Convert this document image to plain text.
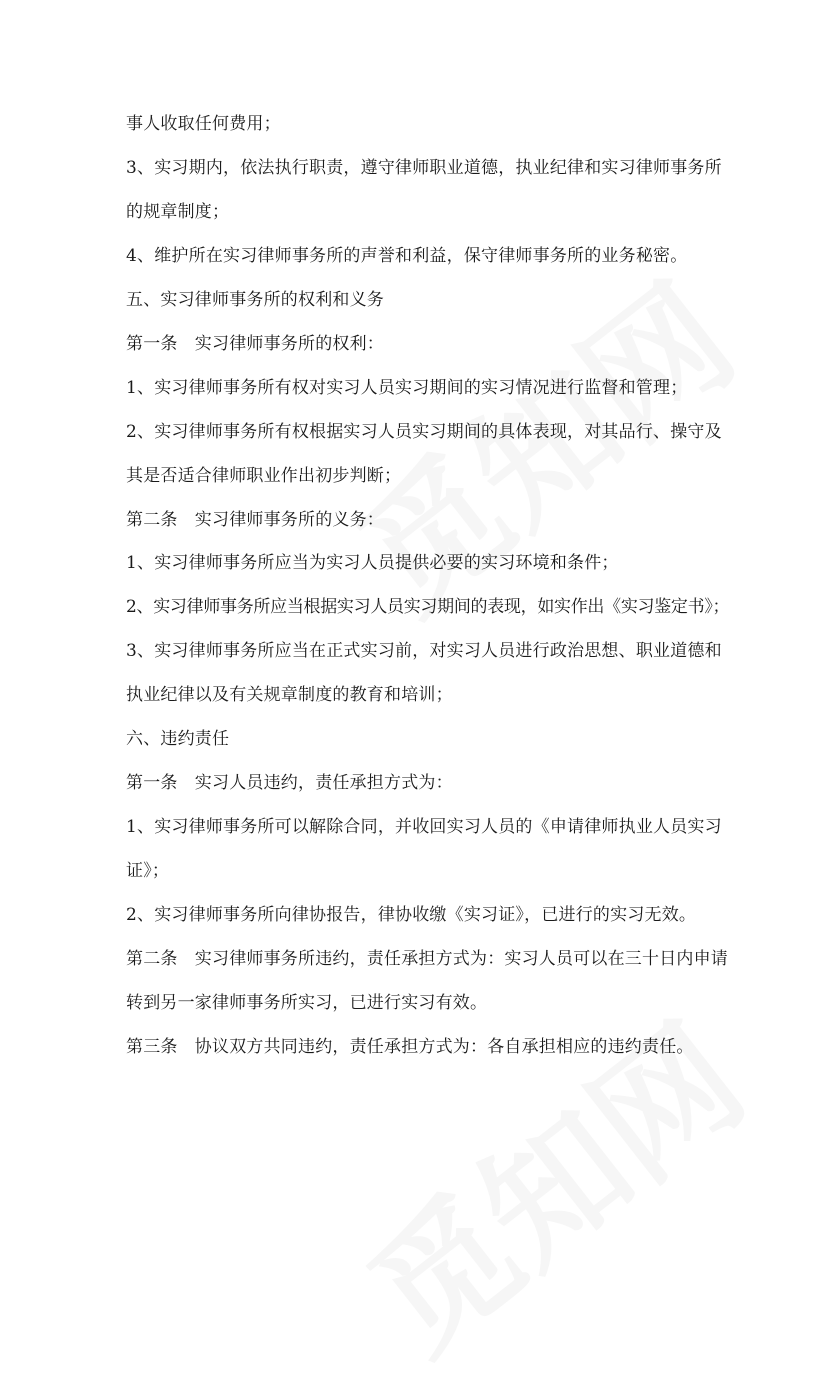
事人收取任何费用；
3、实习期内，依法执行职责，遵守律师职业道德，执业纪律和实习律师事务所
的规章制度；
4、维护所在实习律师事务所的声誉和利益，保守律师事务所的业务秘密。
五、实习律师事务所的权利和义务
第一条　实习律师事务所的权利：
1、实习律师事务所有权对实习人员实习期间的实习情况进行监督和管理；
2、实习律师事务所有权根据实习人员实习期间的具体表现，对其品行、操守及
其是否适合律师职业作出初步判断；
第二条　实习律师事务所的义务：
1、实习律师事务所应当为实习人员提供必要的实习环境和条件；
2、实习律师事务所应当根据实习人员实习期间的表现，如实作出《实习鉴定书》；
3、实习律师事务所应当在正式实习前，对实习人员进行政治思想、职业道德和
执业纪律以及有关规章制度的教育和培训；
六、违约责任
第一条　实习人员违约，责任承担方式为：
1、实习律师事务所可以解除合同，并收回实习人员的《申请律师执业人员实习
证》；
2、实习律师事务所向律协报告，律协收缴《实习证》，已进行的实习无效。
第二条　实习律师事务所违约，责任承担方式为：实习人员可以在三十日内申请
转到另一家律师事务所实习，已进行实习有效。
第三条　协议双方共同违约，责任承担方式为：各自承担相应的违约责任。
